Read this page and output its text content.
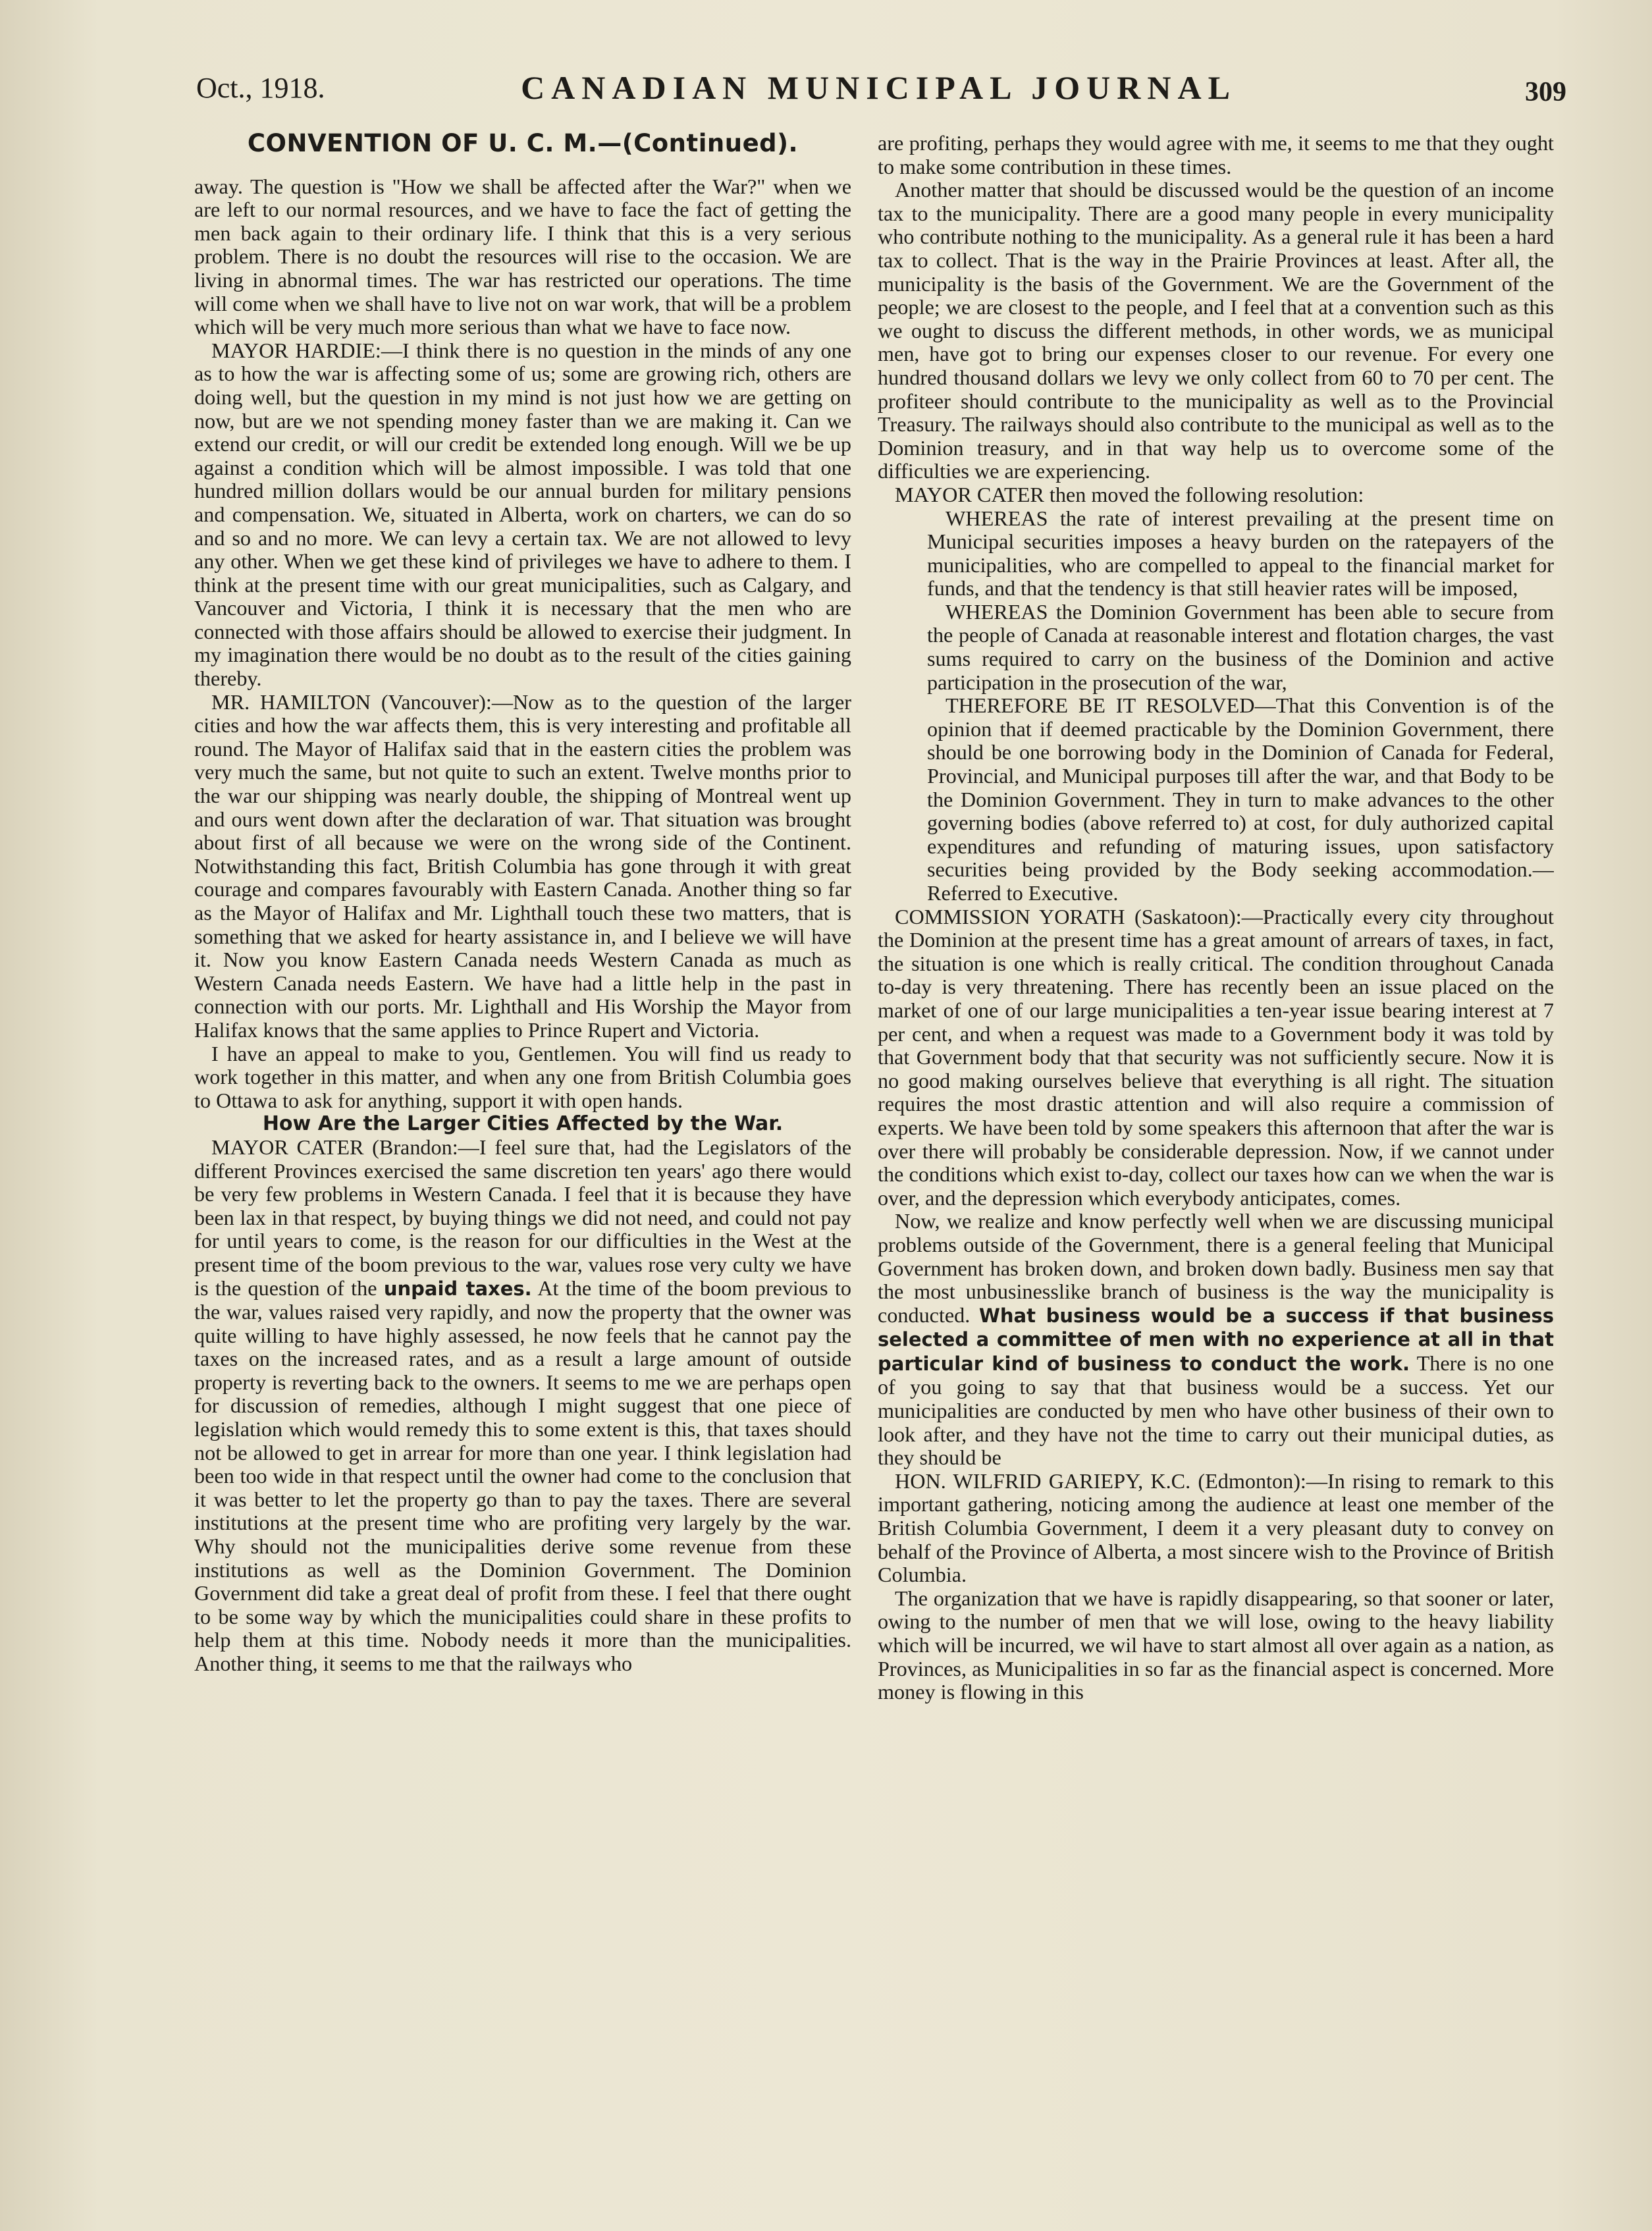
Oct., 1918.	CANADIAN MUNICIPAL JOURNAL	309
CONVENTION OF U. C. M.—(Continued).

away. The question is "How we shall be affected after the War?" when we are left to our normal resources, and we have to face the fact of getting the men back again to their ordinary life. I think that this is a very serious problem. There is no doubt the resources will rise to the occasion. We are living in abnormal times. The war has restricted our operations. The time will come when we shall have to live not on war work, that will be a problem which will be very much more serious than what we have to face now.

MAYOR HARDIE:—I think there is no question in the minds of any one as to how the war is affecting some of us; some are growing rich, others are doing well, but the question in my mind is not just how we are getting on now, but are we not spending money faster than we are making it. Can we extend our credit, or will our credit be extended long enough. Will we be up against a condition which will be almost impossible. I was told that one hundred million dollars would be our annual burden for military pensions and compensation. We, situated in Alberta, work on charters, we can do so and so and no more. We can levy a certain tax. We are not allowed to levy any other. When we get these kind of privileges we have to adhere to them. I think at the present time with our great municipalities, such as Calgary, and Vancouver and Victoria, I think it is necessary that the men who are connected with those affairs should be allowed to exercise their judgment. In my imagination there would be no doubt as to the result of the cities gaining thereby.

MR. HAMILTON (Vancouver):—Now as to the question of the larger cities and how the war affects them, this is very interesting and profitable all round. The Mayor of Halifax said that in the eastern cities the problem was very much the same, but not quite to such an extent. Twelve months prior to the war our shipping was nearly double, the shipping of Montreal went up and ours went down after the declaration of war. That situation was brought about first of all because we were on the wrong side of the Continent. Notwithstanding this fact, British Columbia has gone through it with great courage and compares favourably with Eastern Canada. Another thing so far as the Mayor of Halifax and Mr. Lighthall touch these two matters, that is something that we asked for hearty assistance in, and I believe we will have it. Now you know Eastern Canada needs Western Canada as much as Western Canada needs Eastern. We have had a little help in the past in connection with our ports. Mr. Lighthall and His Worship the Mayor from Halifax knows that the same applies to Prince Rupert and Victoria.

I have an appeal to make to you, Gentlemen. You will find us ready to work together in this matter, and when any one from British Columbia goes to Ottawa to ask for anything, support it with open hands.

How Are the Larger Cities Affected by the War.

MAYOR CATER (Brandon:—I feel sure that, had the Legislators of the different Provinces exercised the same discretion ten years' ago there would be very few problems in Western Canada. I feel that it is because they have been lax in that respect, by buying things we did not need, and could not pay for until years to come, is the reason for our difficulties in the West at the present time of the boom previous to the war, values rose very culty we have is the question of the unpaid taxes. At the time of the boom previous to the war, values raised very rapidly, and now the property that the owner was quite willing to have highly assessed, he now feels that he cannot pay the taxes on the increased rates, and as a result a large amount of outside property is reverting back to the owners. It seems to me we are perhaps open for discussion of remedies, although I might suggest that one piece of legislation which would remedy this to some extent is this, that taxes should not be allowed to get in arrear for more than one year. I think legislation had been too wide in that respect until the owner had come to the conclusion that it was better to let the property go than to pay the taxes. There are several institutions at the present time who are profiting very largely by the war. Why should not the municipalities derive some revenue from these institutions as well as the Dominion Government. The Dominion Government did take a great deal of profit from these. I feel that there ought to be some way by which the municipalities could share in these profits to help them at this time. Nobody needs it more than the municipalities. Another thing, it seems to me that the railways who

are profiting, perhaps they would agree with me, it seems to me that they ought to make some contribution in these times.

Another matter that should be discussed would be the question of an income tax to the municipality. There are a good many people in every municipality who contribute nothing to the municipality. As a general rule it has been a hard tax to collect. That is the way in the Prairie Provinces at least. After all, the municipality is the basis of the Government. We are the Government of the people; we are closest to the people, and I feel that at a convention such as this we ought to discuss the different methods, in other words, we as municipal men, have got to bring our expenses closer to our revenue. For every one hundred thousand dollars we levy we only collect from 60 to 70 per cent. The profiteer should contribute to the municipality as well as to the Provincial Treasury. The railways should also contribute to the municipal as well as to the Dominion treasury, and in that way help us to overcome some of the difficulties we are experiencing.

MAYOR CATER then moved the following resolution:

WHEREAS the rate of interest prevailing at the present time on Municipal securities imposes a heavy burden on the ratepayers of the municipalities, who are compelled to appeal to the financial market for funds, and that the tendency is that still heavier rates will be imposed,

WHEREAS the Dominion Government has been able to secure from the people of Canada at reasonable interest and flotation charges, the vast sums required to carry on the business of the Dominion and active participation in the prosecution of the war,

THEREFORE BE IT RESOLVED—That this Convention is of the opinion that if deemed practicable by the Dominion Government, there should be one borrowing body in the Dominion of Canada for Federal, Provincial, and Municipal purposes till after the war, and that Body to be the Dominion Government. They in turn to make advances to the other governing bodies (above referred to) at cost, for duly authorized capital expenditures and refunding of maturing issues, upon satisfactory securities being provided by the Body seeking accommodation.—Referred to Executive.

COMMISSION YORATH (Saskatoon):—Practically every city throughout the Dominion at the present time has a great amount of arrears of taxes, in fact, the situation is one which is really critical. The condition throughout Canada to-day is very threatening. There has recently been an issue placed on the market of one of our large municipalities a ten-year issue bearing interest at 7 per cent, and when a request was made to a Government body it was told by that Government body that that security was not sufficiently secure. Now it is no good making ourselves believe that everything is all right. The situation requires the most drastic attention and will also require a commission of experts. We have been told by some speakers this afternoon that after the war is over there will probably be considerable depression. Now, if we cannot under the conditions which exist to-day, collect our taxes how can we when the war is over, and the depression which everybody anticipates, comes.

Now, we realize and know perfectly well when we are discussing municipal problems outside of the Government, there is a general feeling that Municipal Government has broken down, and broken down badly. Business men say that the most unbusinesslike branch of business is the way the municipality is conducted. What business would be a success if that business selected a committee of men with no experience at all in that particular kind of business to conduct the work. There is no one of you going to say that that business would be a success. Yet our municipalities are conducted by men who have other business of their own to look after, and they have not the time to carry out their municipal duties, as they should be

HON. WILFRID GARIEPY, K.C. (Edmonton):—In rising to remark to this important gathering, noticing among the audience at least one member of the British Columbia Government, I deem it a very pleasant duty to convey on behalf of the Province of Alberta, a most sincere wish to the Province of British Columbia.

The organization that we have is rapidly disappearing, so that sooner or later, owing to the number of men that we will lose, owing to the heavy liability which will be incurred, we wil have to start almost all over again as a nation, as Provinces, as Municipalities in so far as the financial aspect is concerned. More money is flowing in this
